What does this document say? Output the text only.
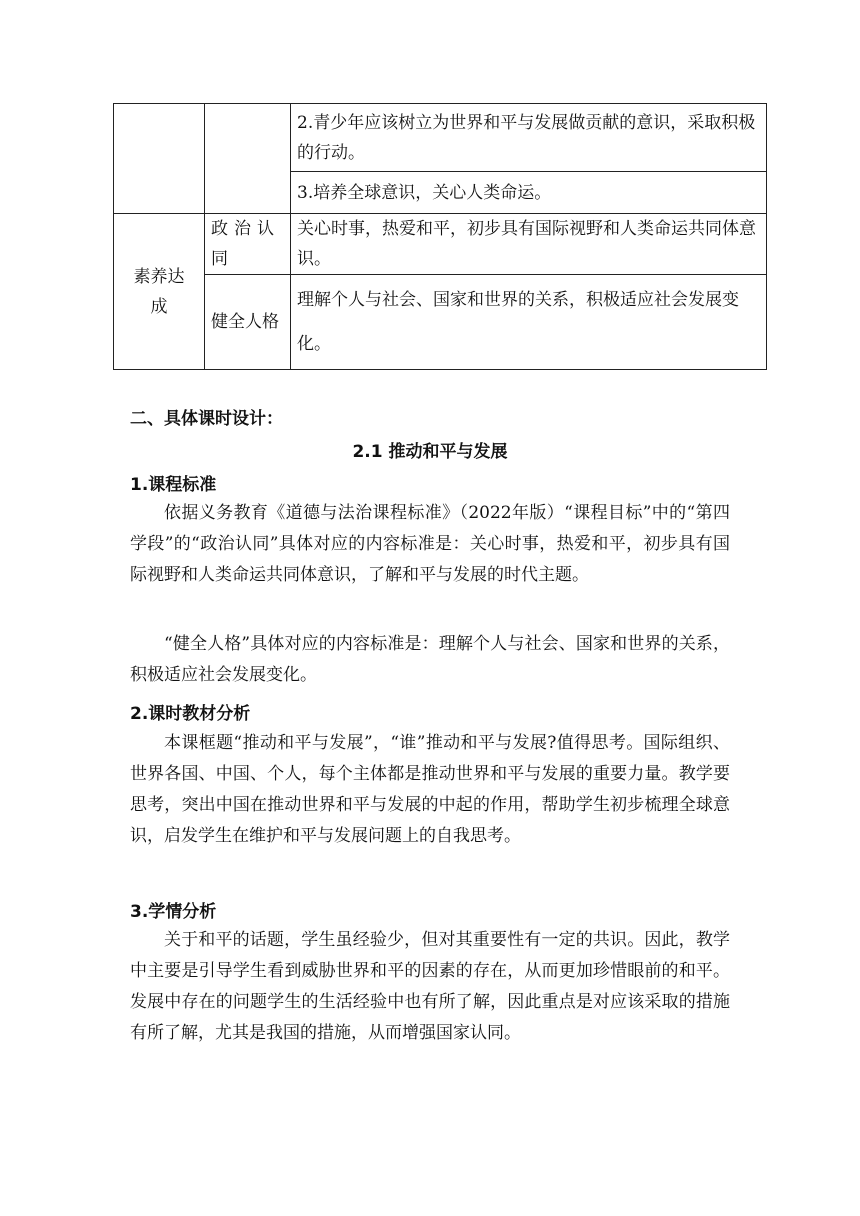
		2.青少年应该树立为世界和平与发展做贡献的意识，采取积极的行动。
		3.培养全球意识，关心人类命运。

素养达成	政治认同	关心时事，热爱和平，初步具有国际视野和人类命运共同体意识。
	健全人格	理解个人与社会、国家和世界的关系，积极适应社会发展变化。
二、具体课时设计：
2.1 推动和平与发展
1.课程标准

依据义务教育《道德与法治课程标准》（2022年版）“课程目标”中的“第四学段”的“政治认同”具体对应的内容标准是：关心时事，热爱和平，初步具有国际视野和人类命运共同体意识，了解和平与发展的时代主题。

“健全人格”具体对应的内容标准是：理解个人与社会、国家和世界的关系，积极适应社会发展变化。

2.课时教材分析

本课框题“推动和平与发展”，“谁”推动和平与发展?值得思考。国际组织、世界各国、中国、个人，每个主体都是推动世界和平与发展的重要力量。教学要思考，突出中国在推动世界和平与发展的中起的作用，帮助学生初步梳理全球意识，启发学生在维护和平与发展问题上的自我思考。

3.学情分析

关于和平的话题，学生虽经验少，但对其重要性有一定的共识。因此，教学中主要是引导学生看到威胁世界和平的因素的存在，从而更加珍惜眼前的和平。发展中存在的问题学生的生活经验中也有所了解，因此重点是对应该采取的措施有所了解，尤其是我国的措施，从而增强国家认同。
